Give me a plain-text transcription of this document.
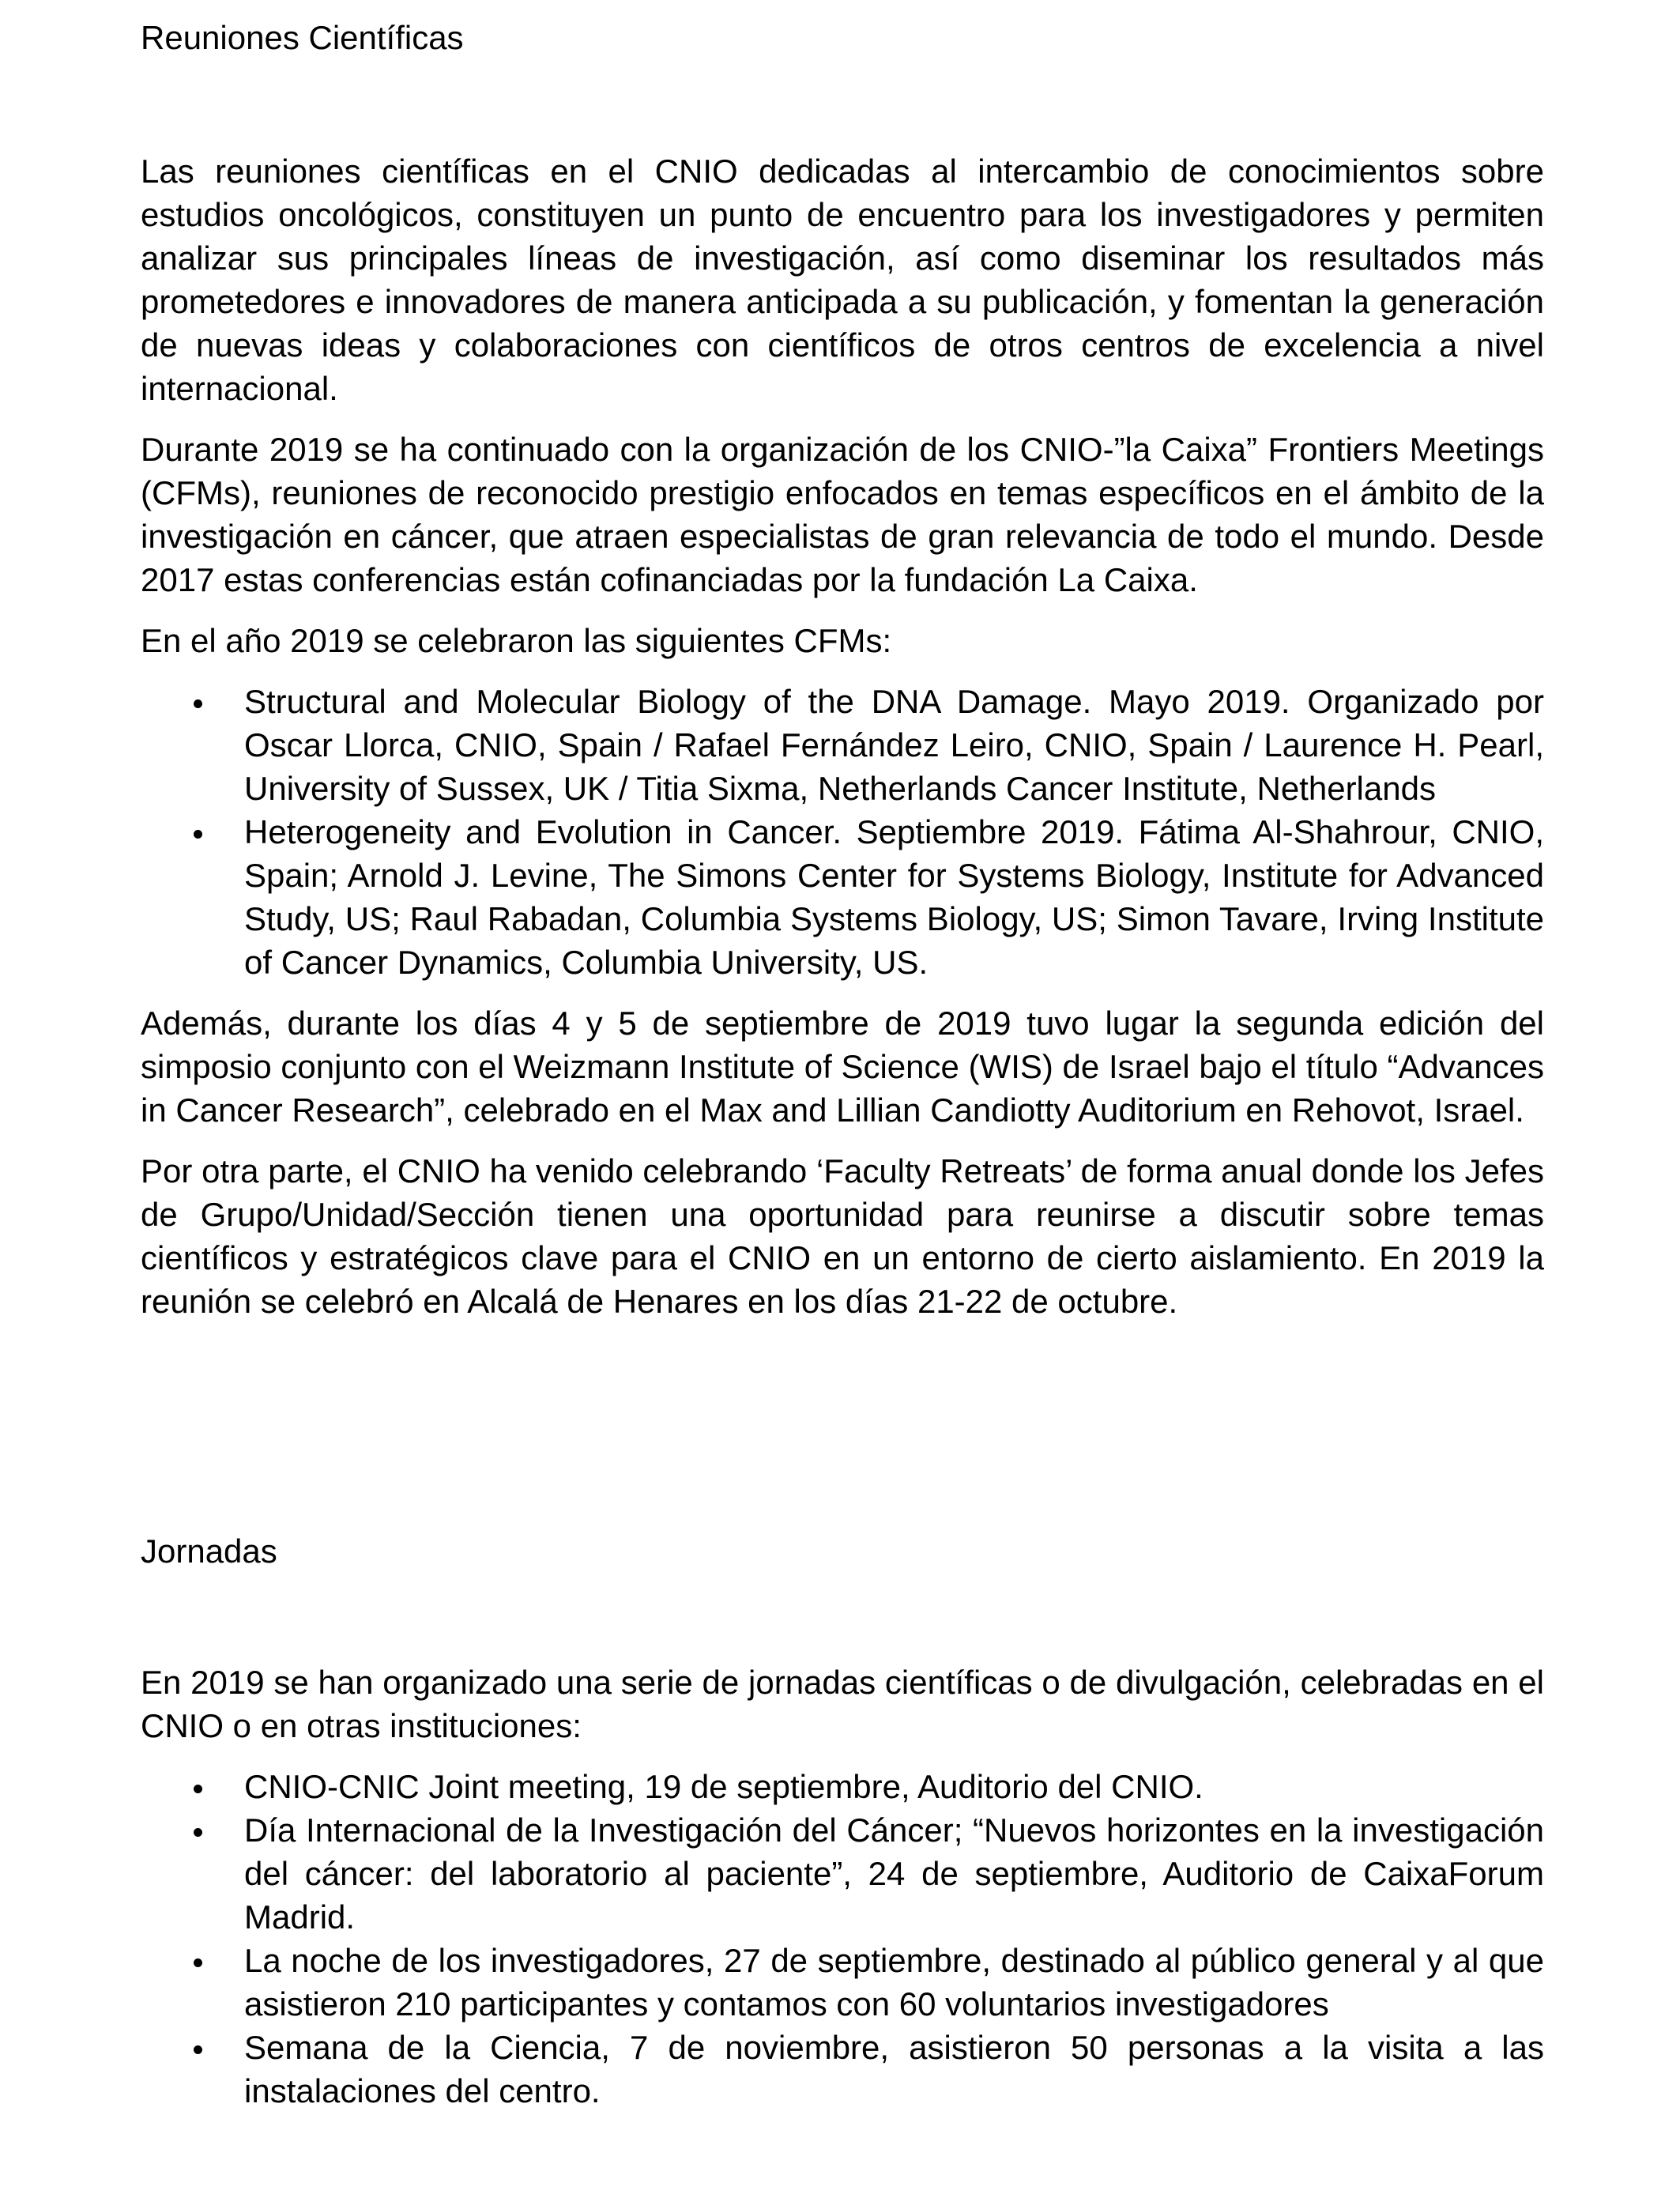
Reuniones Científicas

Las reuniones científicas en el CNIO dedicadas al intercambio de conocimientos sobre estudios oncológicos, constituyen un punto de encuentro para los investigadores y permiten analizar sus principales líneas de investigación, así como diseminar los resultados más prometedores e innovadores de manera anticipada a su publicación, y fomentan la generación de nuevas ideas y colaboraciones con científicos de otros centros de excelencia a nivel internacional.

Durante 2019 se ha continuado con la organización de los CNIO-”la Caixa” Frontiers Meetings (CFMs), reuniones de reconocido prestigio enfocados en temas específicos en el ámbito de la investigación en cáncer, que atraen especialistas de gran relevancia de todo el mundo. Desde 2017 estas conferencias están cofinanciadas por la fundación La Caixa.

En el año 2019 se celebraron las siguientes CFMs:

Structural and Molecular Biology of the DNA Damage. Mayo 2019. Organizado por Oscar Llorca, CNIO, Spain / Rafael Fernández Leiro, CNIO, Spain / Laurence H. Pearl, University of Sussex, UK / Titia Sixma, Netherlands Cancer Institute, Netherlands
Heterogeneity and Evolution in Cancer. Septiembre 2019. Fátima Al-Shahrour, CNIO, Spain; Arnold J. Levine, The Simons Center for Systems Biology, Institute for Advanced Study, US; Raul Rabadan, Columbia Systems Biology, US; Simon Tavare, Irving Institute of Cancer Dynamics, Columbia University, US.

Además, durante los días 4 y 5 de septiembre de 2019 tuvo lugar la segunda edición del simposio conjunto con el Weizmann Institute of Science (WIS) de Israel bajo el título “Advances in Cancer Research”, celebrado en el Max and Lillian Candiotty Auditorium en Rehovot, Israel.

Por otra parte, el CNIO ha venido celebrando ‘Faculty Retreats’ de forma anual donde los Jefes de Grupo/Unidad/Sección tienen una oportunidad para reunirse a discutir sobre temas científicos y estratégicos clave para el CNIO en un entorno de cierto aislamiento. En 2019 la reunión se celebró en Alcalá de Henares en los días 21-22 de octubre.

Jornadas

En 2019 se han organizado una serie de jornadas científicas o de divulgación, celebradas en el CNIO o en otras instituciones:

CNIO-CNIC Joint meeting, 19 de septiembre, Auditorio del CNIO.
Día Internacional de la Investigación del Cáncer; “Nuevos horizontes en la investigación del cáncer: del laboratorio al paciente”, 24 de septiembre, Auditorio de CaixaForum Madrid.
La noche de los investigadores, 27 de septiembre, destinado al público general y al que asistieron 210 participantes y contamos con 60 voluntarios investigadores
Semana de la Ciencia, 7 de noviembre, asistieron 50 personas a la visita a las instalaciones del centro.
